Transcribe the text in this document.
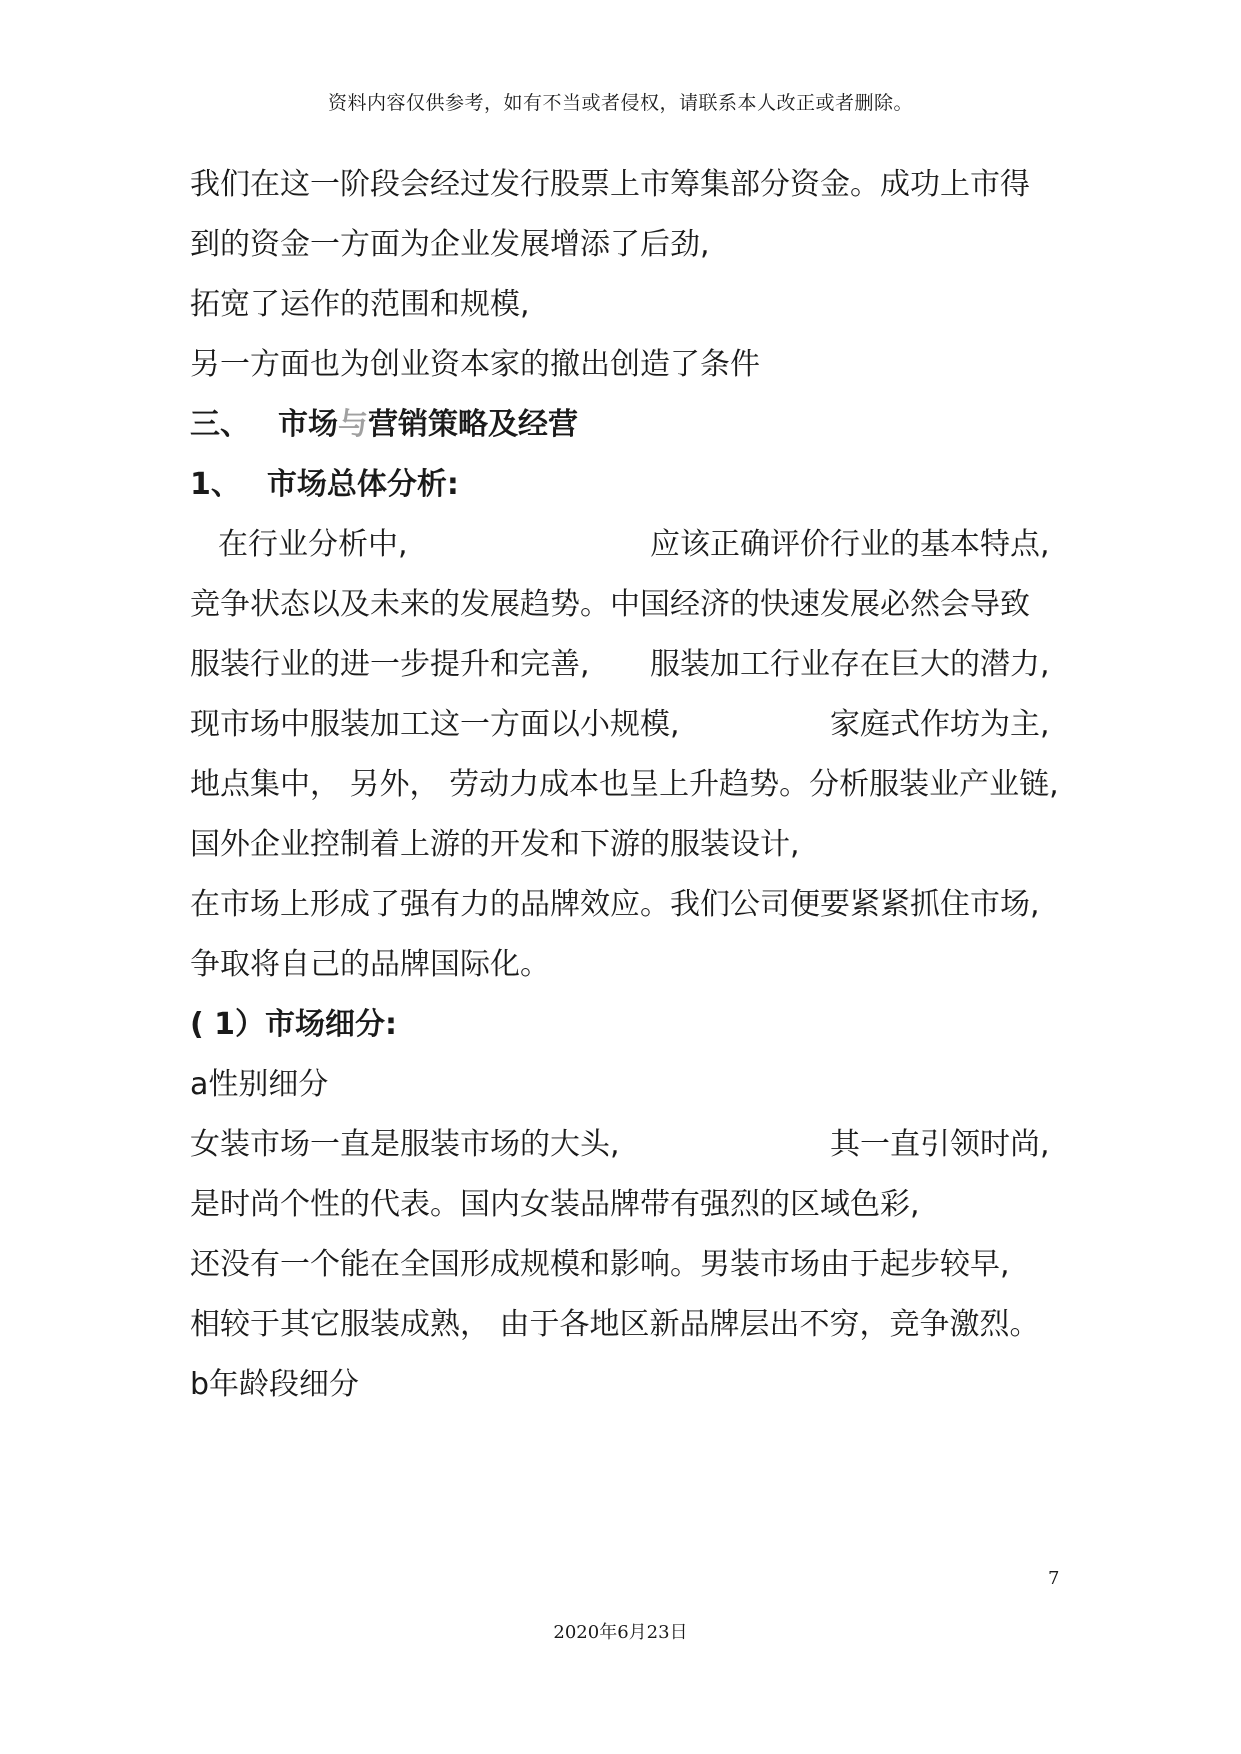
资料内容仅供参考，如有不当或者侵权，请联系本人改正或者删除。
我们在这一阶段会经过发行股票上市筹集部分资金。成功上市得
到的资金一方面为企业发展增添了后劲,
拓宽了运作的范围和规模,
另一方面也为创业资本家的撤出创造了条件
三、 市场与营销策略及经营
1、 市场总体分析:
在行业分析中,	应该正确评价行业的基本特点,
竞争状态以及未来的发展趋势。中国经济的快速发展必然会导致
服装行业的进一步提升和完善, 服装加工行业存在巨大的潜力,
现市场中服装加工这一方面以小规模,	家庭式作坊为主,
地点集中， 另外， 劳动力成本也呈上升趋势。分析服装业产业链,
国外企业控制着上游的开发和下游的服装设计,
在市场上形成了强有力的品牌效应。我们公司便要紧紧抓住市场,
争取将自己的品牌国际化。
( 1）市场细分:
a性别细分
女装市场一直是服装市场的大头,	其一直引领时尚,
是时尚个性的代表。国内女装品牌带有强烈的区域色彩,
还没有一个能在全国形成规模和影响。男装市场由于起步较早,
相较于其它服装成熟， 由于各地区新品牌层出不穷，竞争激烈。
b年龄段细分
7
2020年6月23日
